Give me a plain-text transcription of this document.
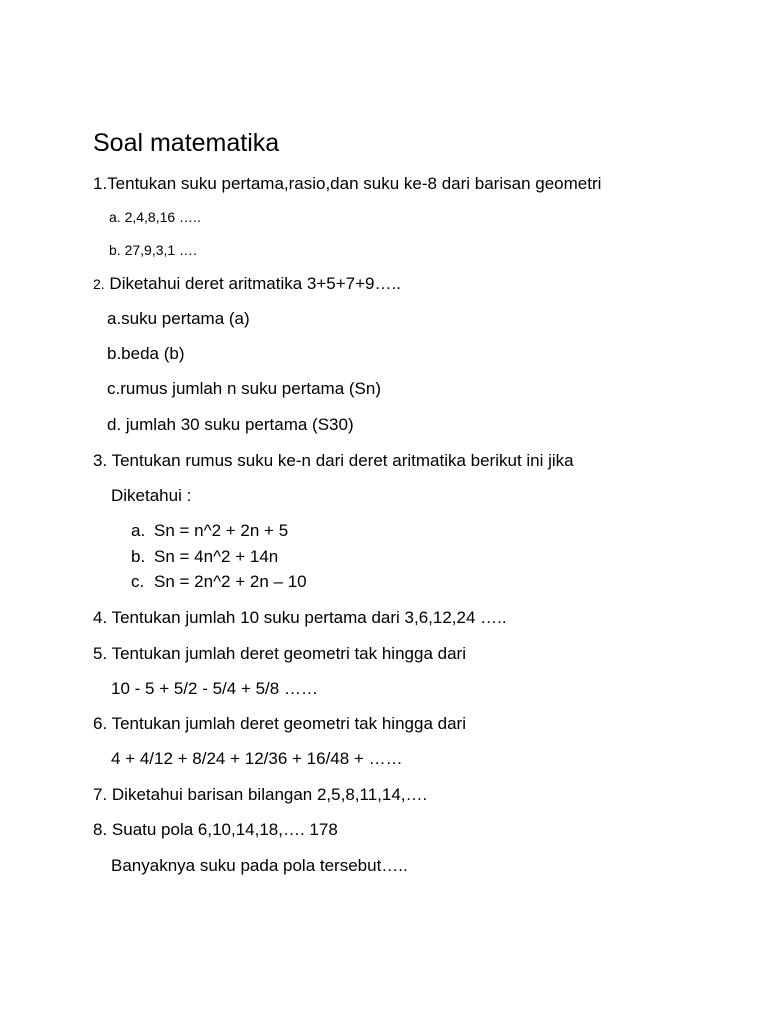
Soal matematika
1.Tentukan suku pertama,rasio,dan suku ke-8 dari barisan geometri
a. 2,4,8,16 …..
b. 27,9,3,1 ….
2. Diketahui deret aritmatika 3+5+7+9…..
a.suku pertama (a)
b.beda (b)
c.rumus jumlah n suku pertama (Sn)
d. jumlah 30 suku pertama (S30)
3. Tentukan rumus suku ke-n dari deret aritmatika berikut ini jika
Diketahui :
a. Sn = n^2 + 2n + 5
b. Sn = 4n^2 + 14n
c. Sn = 2n^2 + 2n – 10
4. Tentukan jumlah 10 suku pertama dari 3,6,12,24 …..
5. Tentukan jumlah deret geometri tak hingga dari
10 - 5 + 5/2 - 5/4 + 5/8 ……
6. Tentukan jumlah deret geometri tak hingga dari
4 + 4/12 + 8/24 + 12/36 + 16/48 + ……
7. Diketahui barisan bilangan 2,5,8,11,14,….
8. Suatu pola 6,10,14,18,…. 178
Banyaknya suku pada pola tersebut…..
